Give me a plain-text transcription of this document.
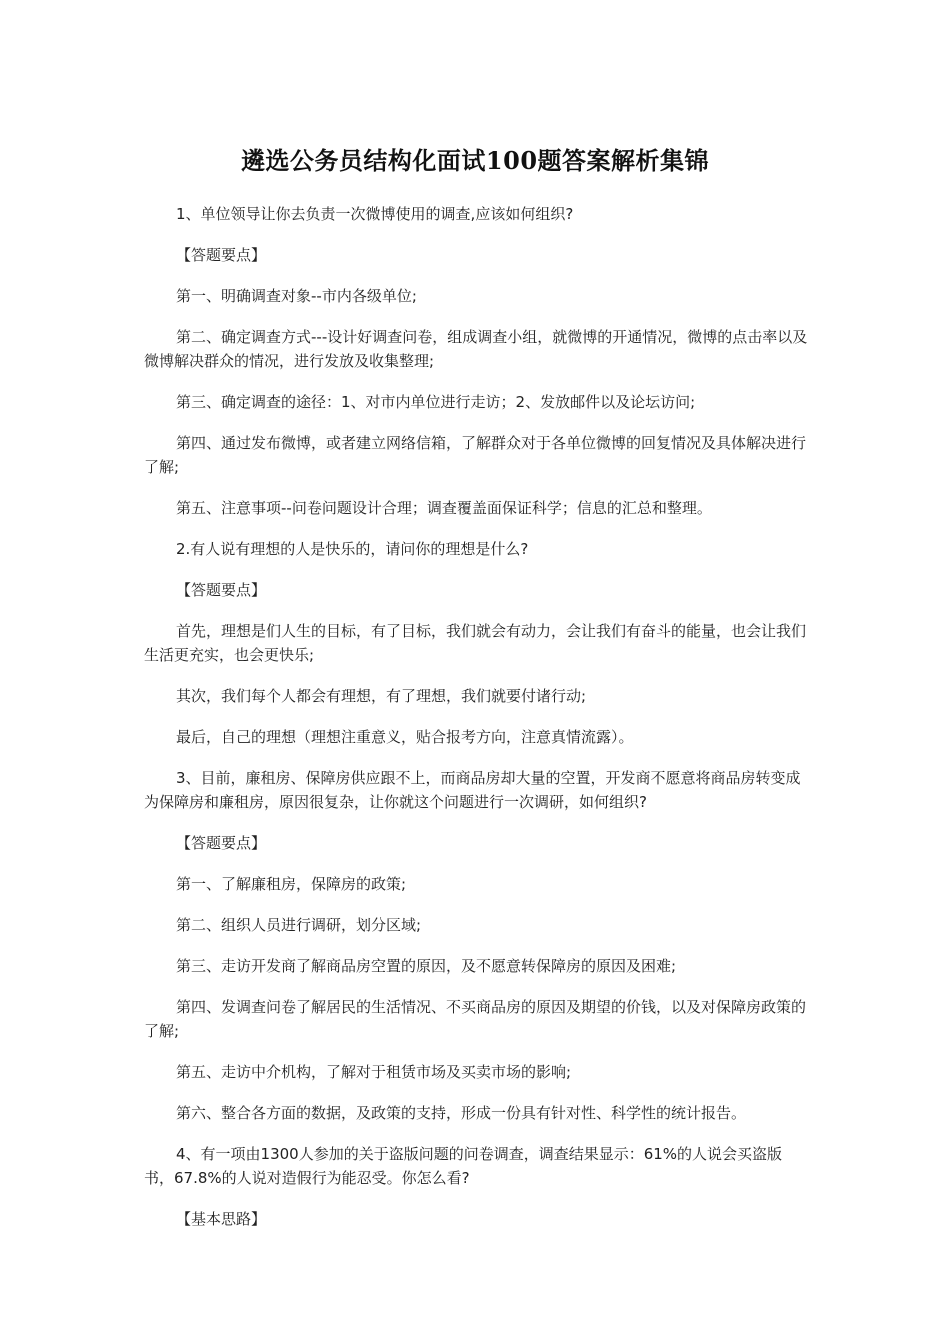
遴选公务员结构化面试100题答案解析集锦

1、单位领导让你去负责一次微博使用的调查,应该如何组织?

【答题要点】

第一、明确调查对象--市内各级单位;

第二、确定调查方式---设计好调查问卷，组成调查小组，就微博的开通情况，微博的点击率以及微博解决群众的情况，进行发放及收集整理;

第三、确定调查的途径：1、对市内单位进行走访；2、发放邮件以及论坛访问;

第四、通过发布微博，或者建立网络信箱，了解群众对于各单位微博的回复情况及具体解决进行了解;

第五、注意事项--问卷问题设计合理；调查覆盖面保证科学；信息的汇总和整理。

2.有人说有理想的人是快乐的，请问你的理想是什么?

【答题要点】

首先，理想是们人生的目标，有了目标，我们就会有动力，会让我们有奋斗的能量，也会让我们生活更充实，也会更快乐;

其次，我们每个人都会有理想，有了理想，我们就要付诸行动;

最后，自己的理想（理想注重意义，贴合报考方向，注意真情流露）。

3、目前，廉租房、保障房供应跟不上，而商品房却大量的空置，开发商不愿意将商品房转变成为保障房和廉租房，原因很复杂，让你就这个问题进行一次调研，如何组织?

【答题要点】

第一、了解廉租房，保障房的政策;

第二、组织人员进行调研，划分区域;

第三、走访开发商了解商品房空置的原因，及不愿意转保障房的原因及困难;

第四、发调查问卷了解居民的生活情况、不买商品房的原因及期望的价钱，以及对保障房政策的了解;

第五、走访中介机构，了解对于租赁市场及买卖市场的影响;

第六、整合各方面的数据，及政策的支持，形成一份具有针对性、科学性的统计报告。

4、有一项由1300人参加的关于盗版问题的问卷调查，调查结果显示：61%的人说会买盗版书，67.8%的人说对造假行为能忍受。你怎么看?

【基本思路】
